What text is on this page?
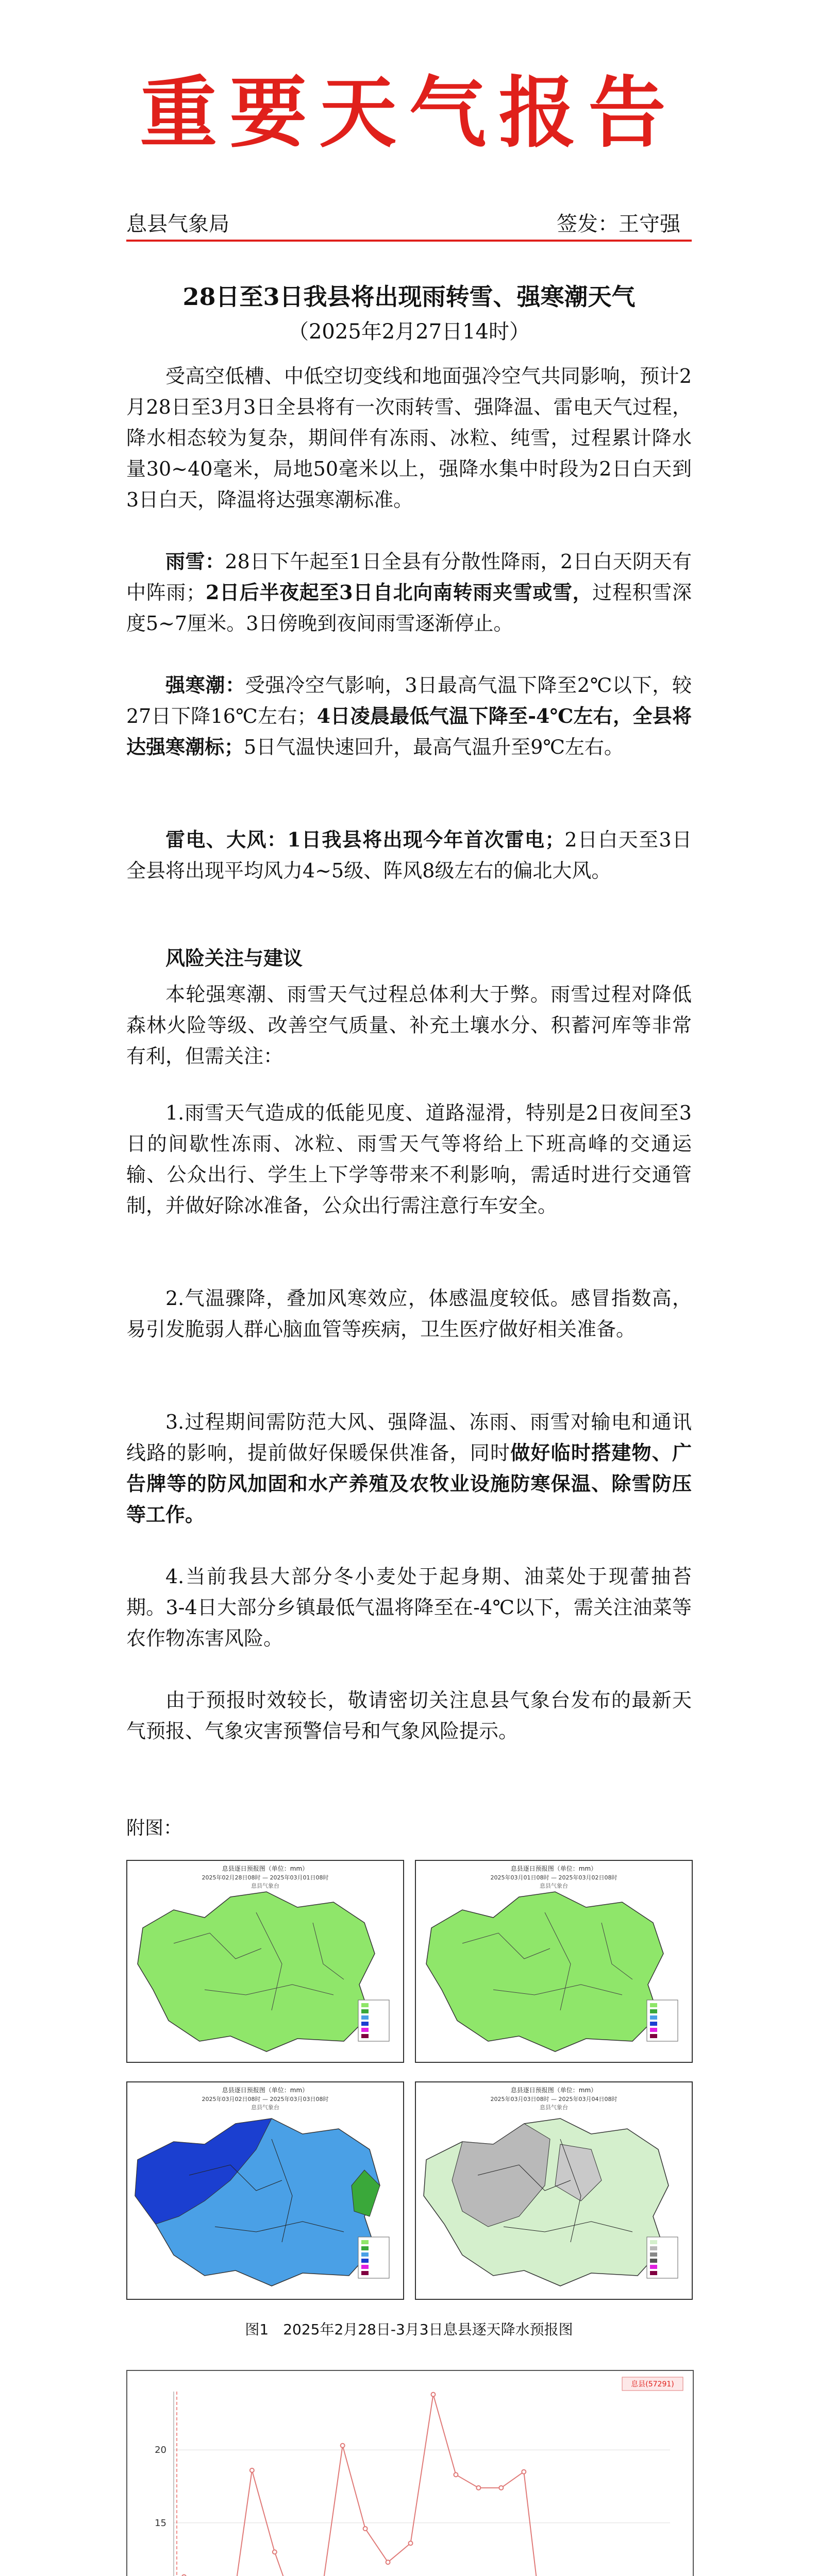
重要天气报告
息县气象局	签发：王守强
28日至3日我县将出现雨转雪、强寒潮天气
（2025年2月27日14时）
受高空低槽、中低空切变线和地面强冷空气共同影响，预计2月28日至3月3日全县将有一次雨转雪、强降温、雷电天气过程，降水相态较为复杂，期间伴有冻雨、冰粒、纯雪，过程累计降水量30~40毫米，局地50毫米以上，强降水集中时段为2日白天到3日白天，降温将达强寒潮标准。
雨雪：28日下午起至1日全县有分散性降雨，2日白天阴天有中阵雨；2日后半夜起至3日自北向南转雨夹雪或雪，过程积雪深度5~7厘米。3日傍晚到夜间雨雪逐渐停止。
强寒潮：受强冷空气影响，3日最高气温下降至2℃以下，较27日下降16℃左右；4日凌晨最低气温下降至-4℃左右，全县将达强寒潮标；5日气温快速回升，最高气温升至9℃左右。
雷电、大风：1日我县将出现今年首次雷电；2日白天至3日全县将出现平均风力4~5级、阵风8级左右的偏北大风。
风险关注与建议
本轮强寒潮、雨雪天气过程总体利大于弊。雨雪过程对降低森林火险等级、改善空气质量、补充土壤水分、积蓄河库等非常有利，但需关注：
1.雨雪天气造成的低能见度、道路湿滑，特别是2日夜间至3日的间歇性冻雨、冰粒、雨雪天气等将给上下班高峰的交通运输、公众出行、学生上下学等带来不利影响，需适时进行交通管制，并做好除冰准备，公众出行需注意行车安全。
2.气温骤降，叠加风寒效应，体感温度较低。感冒指数高，易引发脆弱人群心脑血管等疾病，卫生医疗做好相关准备。
3.过程期间需防范大风、强降温、冻雨、雨雪对输电和通讯线路的影响，提前做好保暖保供准备，同时做好临时搭建物、广告牌等的防风加固和水产养殖及农牧业设施防寒保温、除雪防压等工作。
4.当前我县大部分冬小麦处于起身期、油菜处于现蕾抽苔期。3-4日大部分乡镇最低气温将降至在-4℃以下，需关注油菜等农作物冻害风险。
由于预报时效较长，敬请密切关注息县气象台发布的最新天气预报、气象灾害预警信号和气象风险提示。
附图：
息县逐日预报图（单位：mm）
2025年02月28日08时 — 2025年03月01日08时
息县气象台
息县逐日预报图（单位：mm）
2025年03月01日08时 — 2025年03月02日08时
息县气象台
息县逐日预报图（单位：mm）
2025年03月02日08时 — 2025年03月03日08时
息县气象台
息县逐日预报图（单位：mm）
2025年03月03日08时 — 2025年03月04日08时
息县气象台
图1　2025年2月28日-3月3日息县逐天降水预报图
20
15
息县(57291)
